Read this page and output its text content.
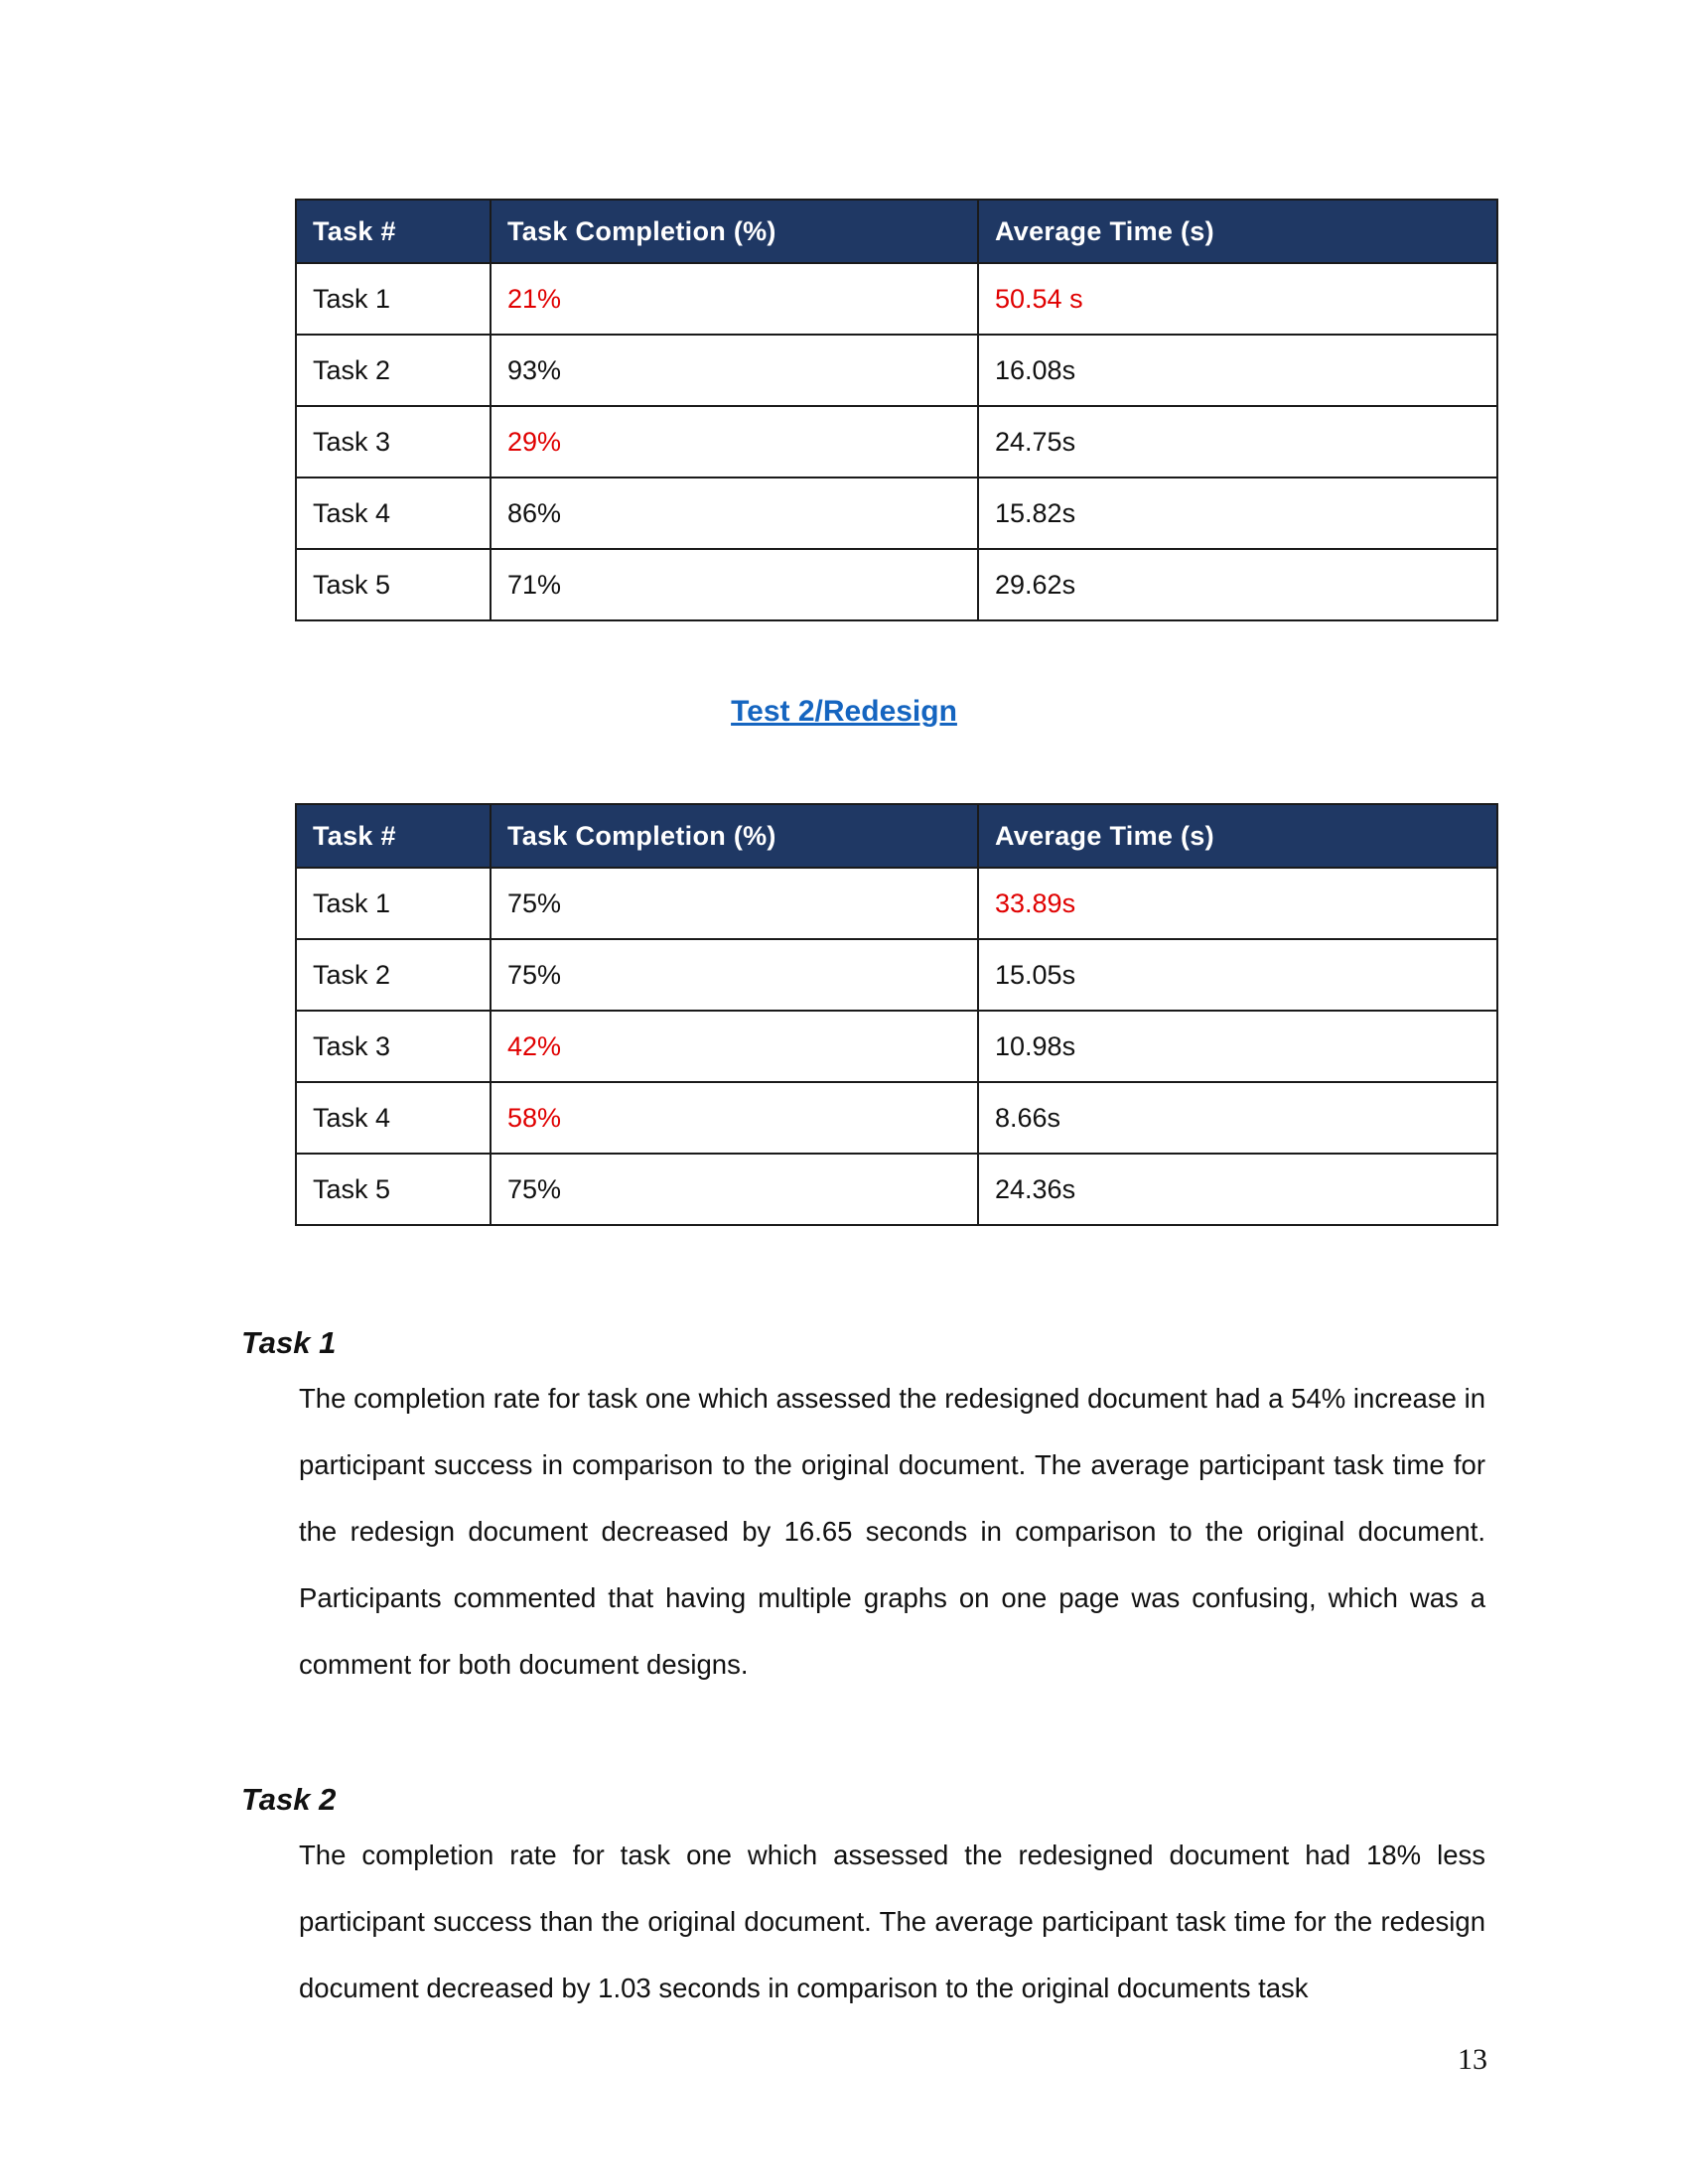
Task #	Task Completion (%)	Average Time (s)
Task 1	21%	50.54 s
Task 2	93%	16.08s
Task 3	29%	24.75s
Task 4	86%	15.82s
Task 5	71%	29.62s
Test 2/Redesign
Task #	Task Completion (%)	Average Time (s)
Task 1	75%	33.89s
Task 2	75%	15.05s
Task 3	42%	10.98s
Task 4	58%	8.66s
Task 5	75%	24.36s
Task 1

The completion rate for task one which assessed the redesigned document had a 54% increase in participant success in comparison to the original document. The average participant task time for the redesign document decreased by 16.65 seconds in comparison to the original document. Participants commented that having multiple graphs on one page was confusing, which was a comment for both document designs.

Task 2

The completion rate for task one which assessed the redesigned document had 18% less participant success than the original document. The average participant task time for the redesign document decreased by 1.03 seconds in comparison to the original documents task

13
